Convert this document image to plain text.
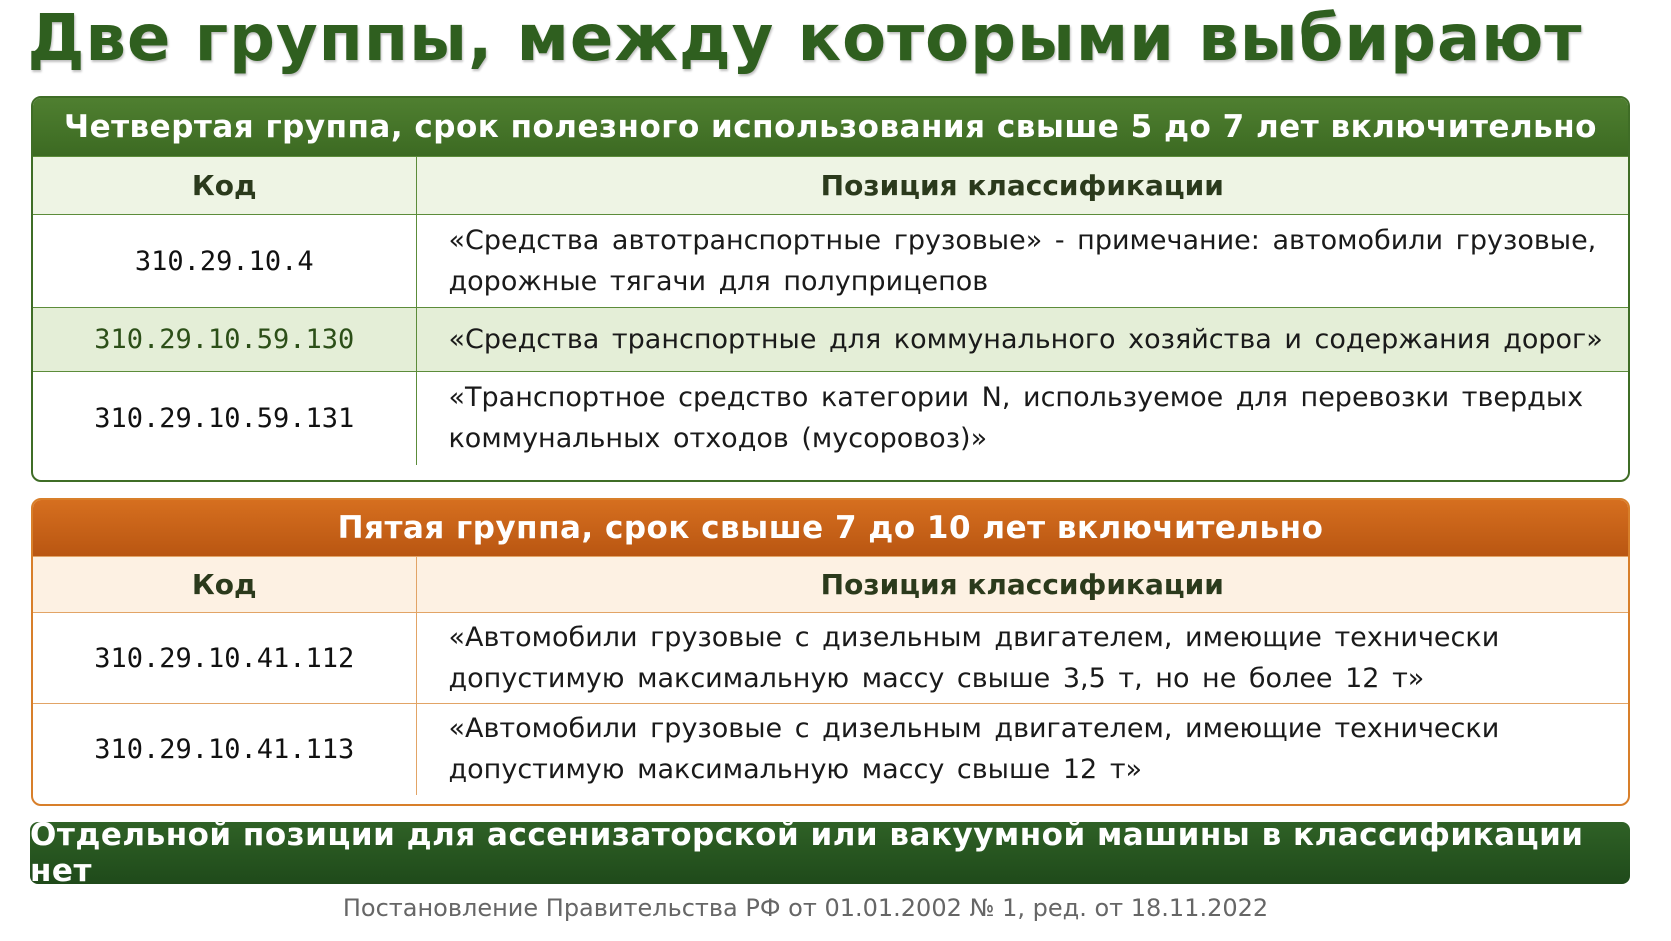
Две группы, между которыми выбирают
Четвертая группа, срок полезного использования свыше 5 до 7 лет включительно
Код	Позиция классификации
310.29.10.4	«Средства автотранспортные грузовые» - примечание: автомобили грузовые, дорожные тягачи для полуприцепов
310.29.10.59.130	«Средства транспортные для коммунального хозяйства и содержания дорог»
310.29.10.59.131	«Транспортное средство категории N, используемое для перевозки твердых коммунальных отходов (мусоровоз)»
Пятая группа, срок свыше 7 до 10 лет включительно
Код	Позиция классификации
310.29.10.41.112	«Автомобили грузовые с дизельным двигателем, имеющие технически допустимую максимальную массу свыше 3,5 т, но не более 12 т»
310.29.10.41.113	«Автомобили грузовые с дизельным двигателем, имеющие технически допустимую максимальную массу свыше 12 т»
Отдельной позиции для ассенизаторской или вакуумной машины в классификации нет
Постановление Правительства РФ от 01.01.2002 № 1, ред. от 18.11.2022
